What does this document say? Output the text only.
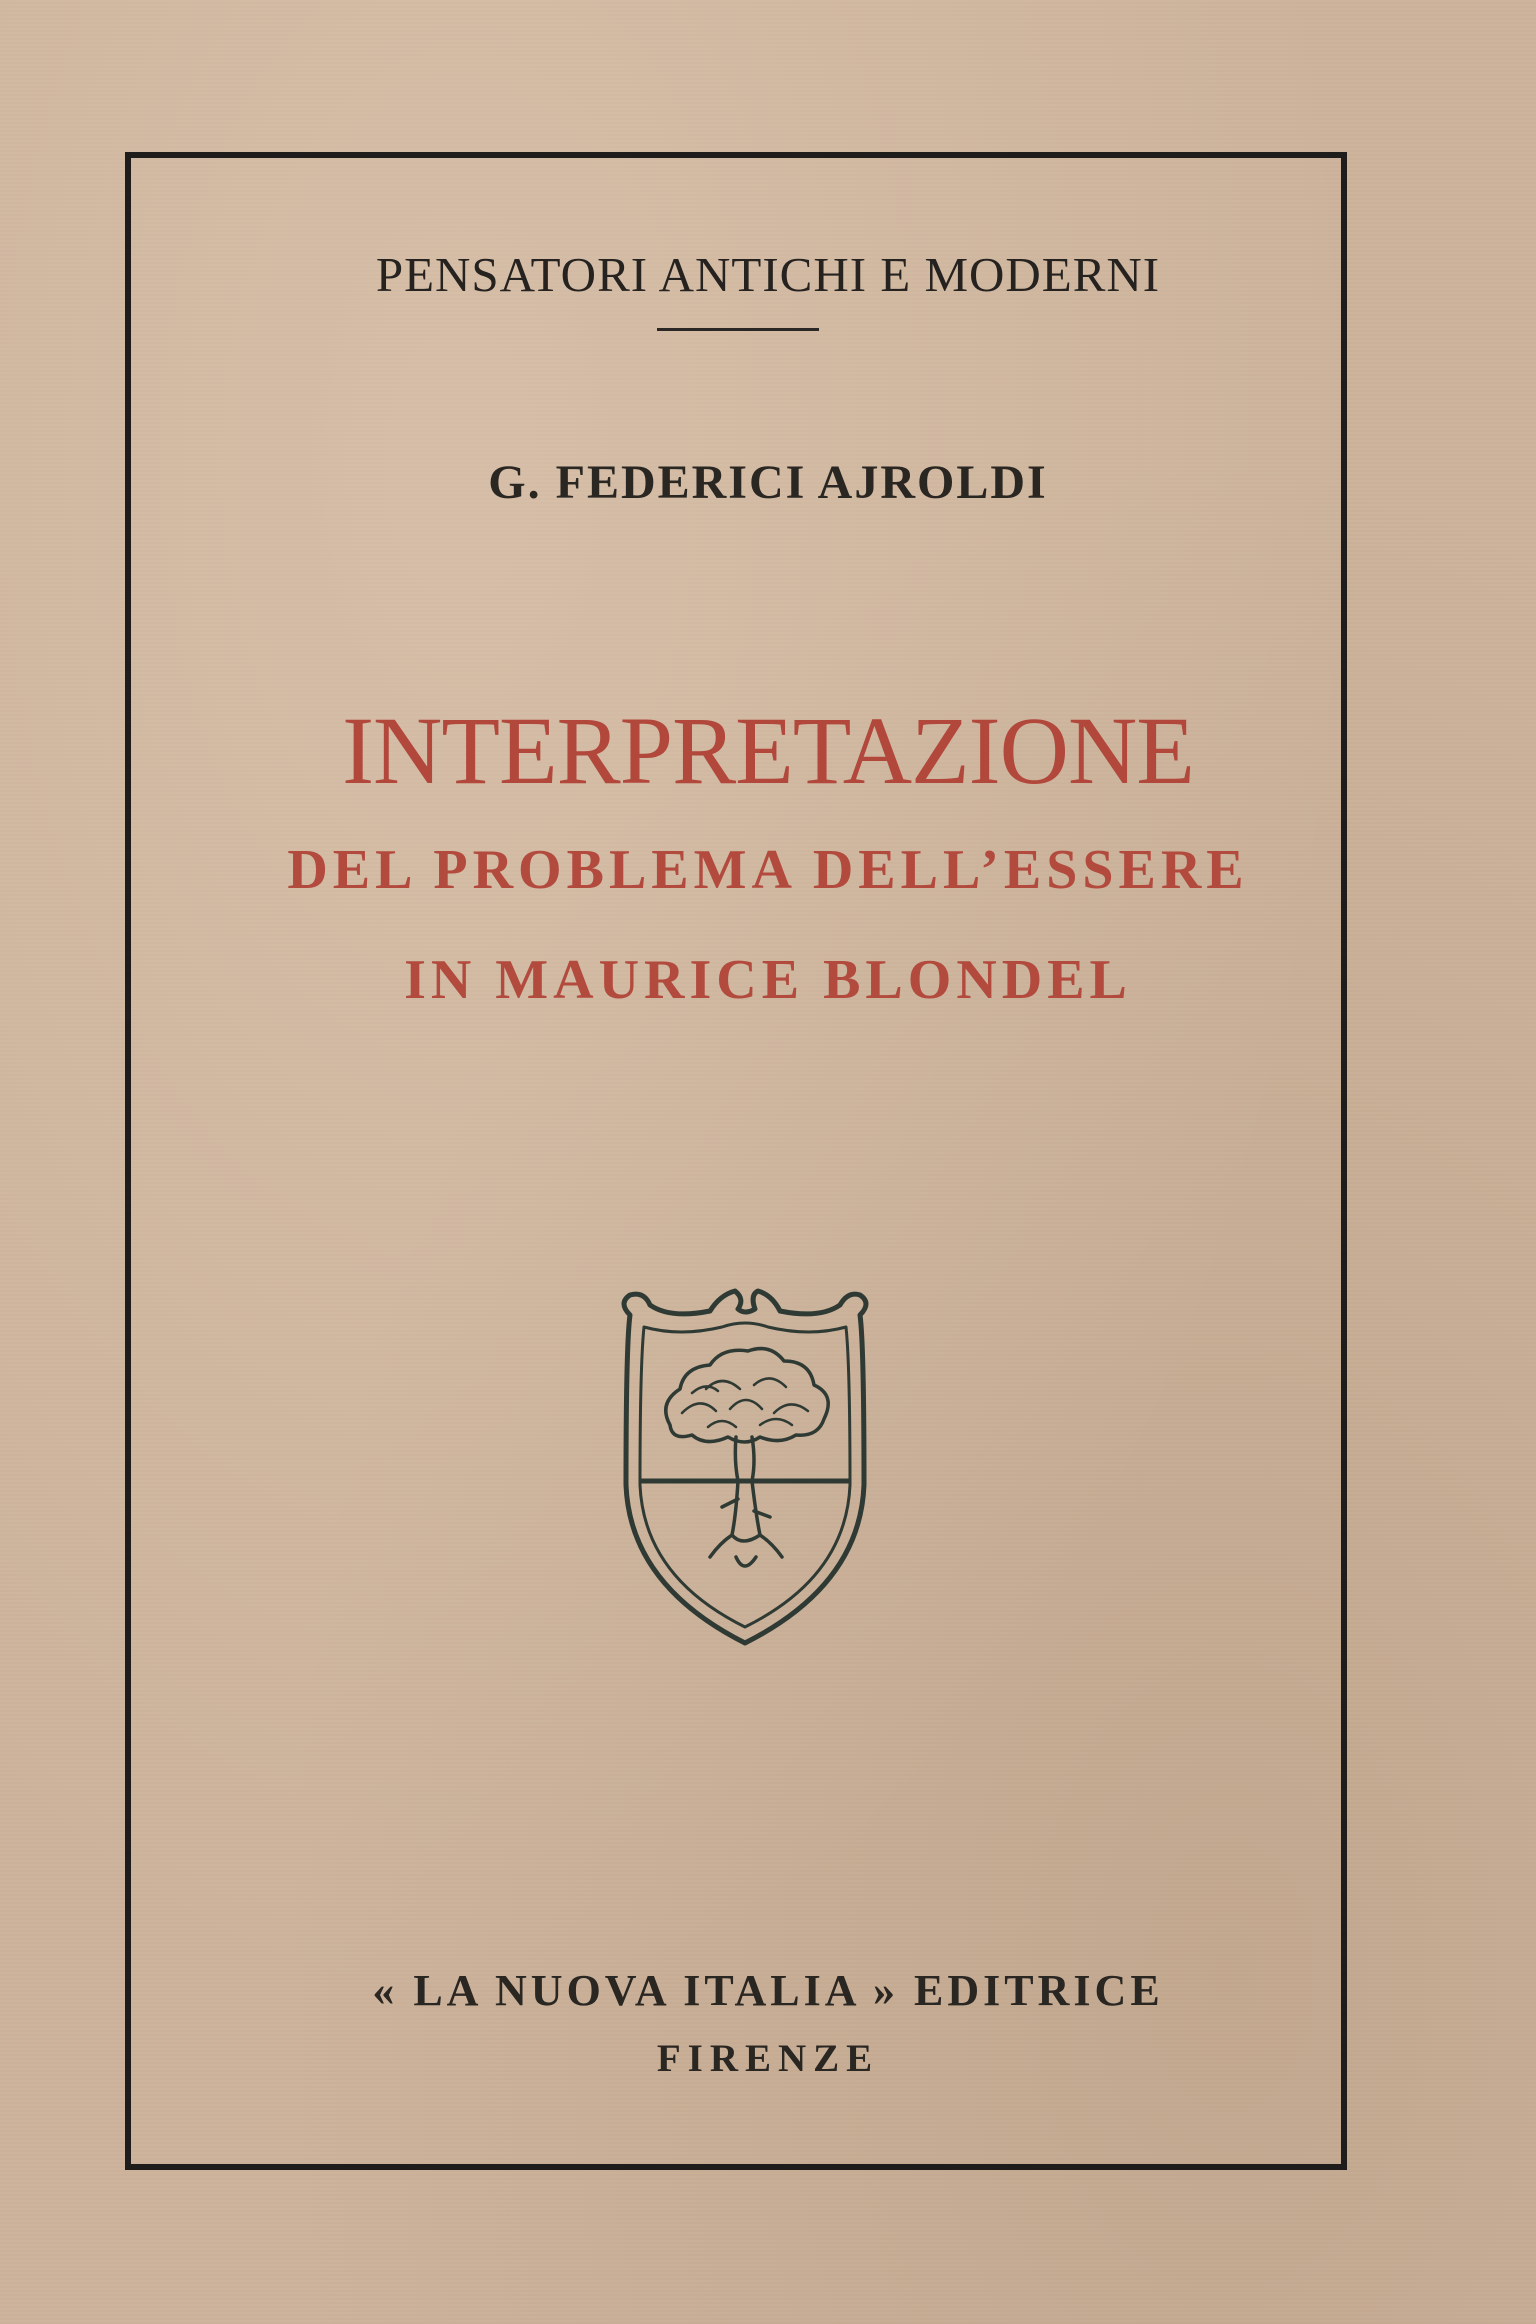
PENSATORI ANTICHI E MODERNI
G. FEDERICI AJROLDI
INTERPRETAZIONE
DEL PROBLEMA DELL’ESSERE
IN MAURICE BLONDEL
« LA NUOVA ITALIA » EDITRICE
FIRENZE
